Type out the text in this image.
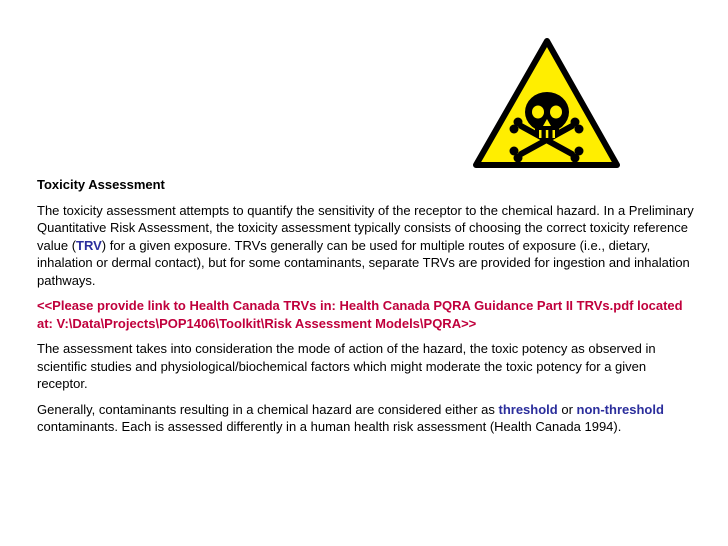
Toxicity Assessment

The toxicity assessment attempts to quantify the sensitivity of the receptor to the chemical hazard. In a Preliminary Quantitative Risk Assessment, the toxicity assessment typically consists of choosing the correct toxicity reference value (TRV) for a given exposure. TRVs generally can be used for multiple routes of exposure (i.e., dietary, inhalation or dermal contact), but for some contaminants, separate TRVs are provided for ingestion and inhalation pathways.

<<Please provide link to Health Canada TRVs in: Health Canada PQRA Guidance Part II TRVs.pdf located at: V:\Data\Projects\POP1406\Toolkit\Risk Assessment Models\PQRA>>

The assessment takes into consideration the mode of action of the hazard, the toxic potency as observed in scientific studies and physiological/biochemical factors which might moderate the toxic potency for a given receptor.

Generally, contaminants resulting in a chemical hazard are considered either as threshold or non-threshold contaminants. Each is assessed differently in a human health risk assessment (Health Canada 1994).
